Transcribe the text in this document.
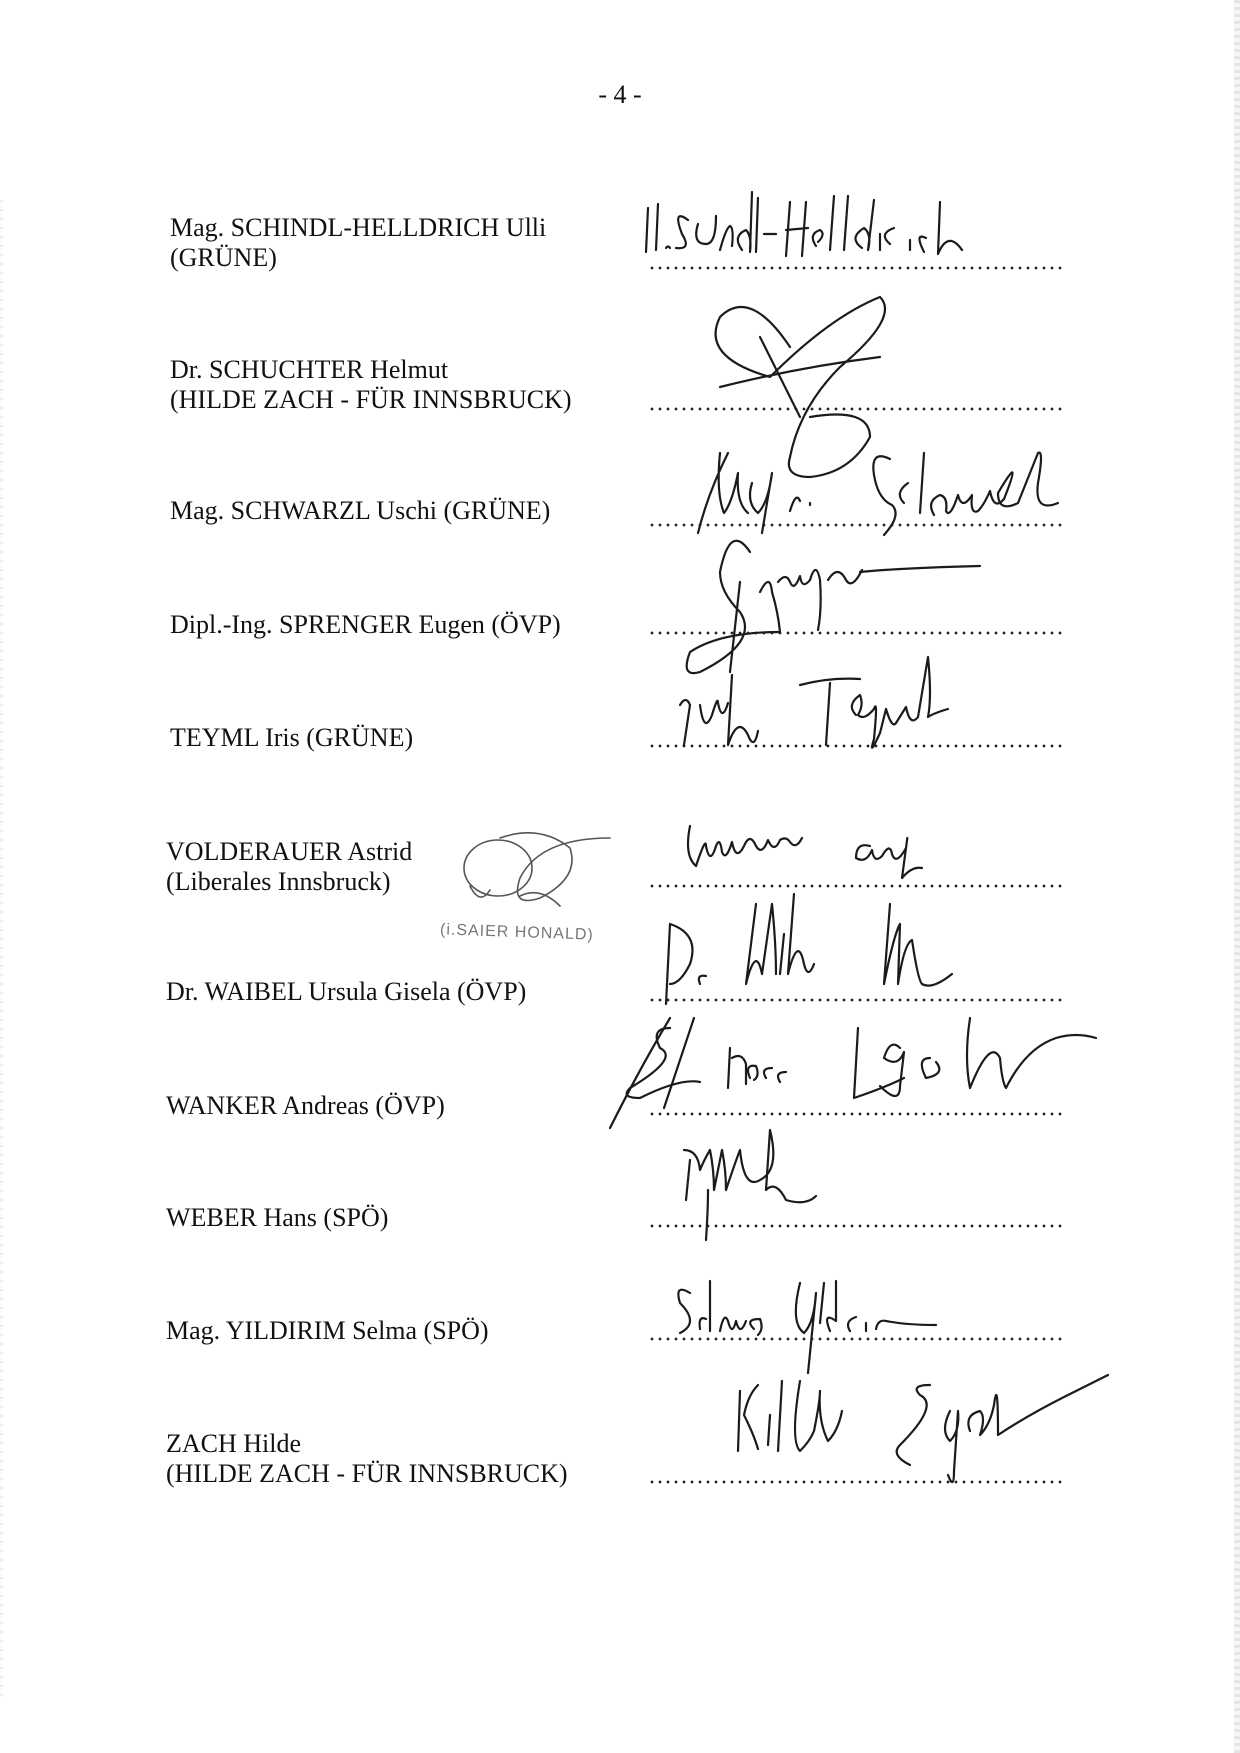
- 4 -
Mag. SCHINDL-HELLDRICH Ulli
(GRÜNE)
Dr. SCHUCHTER Helmut
(HILDE ZACH - FÜR INNSBRUCK)
Mag. SCHWARZL Uschi (GRÜNE)
Dipl.-Ing. SPRENGER Eugen (ÖVP)
TEYML Iris (GRÜNE)
VOLDERAUER Astrid
(Liberales Innsbruck)
(i.SAIER HONALD)
Dr. WAIBEL Ursula Gisela (ÖVP)
WANKER Andreas (ÖVP)
WEBER Hans (SPÖ)
Mag. YILDIRIM Selma (SPÖ)
ZACH Hilde
(HILDE ZACH - FÜR INNSBRUCK)
